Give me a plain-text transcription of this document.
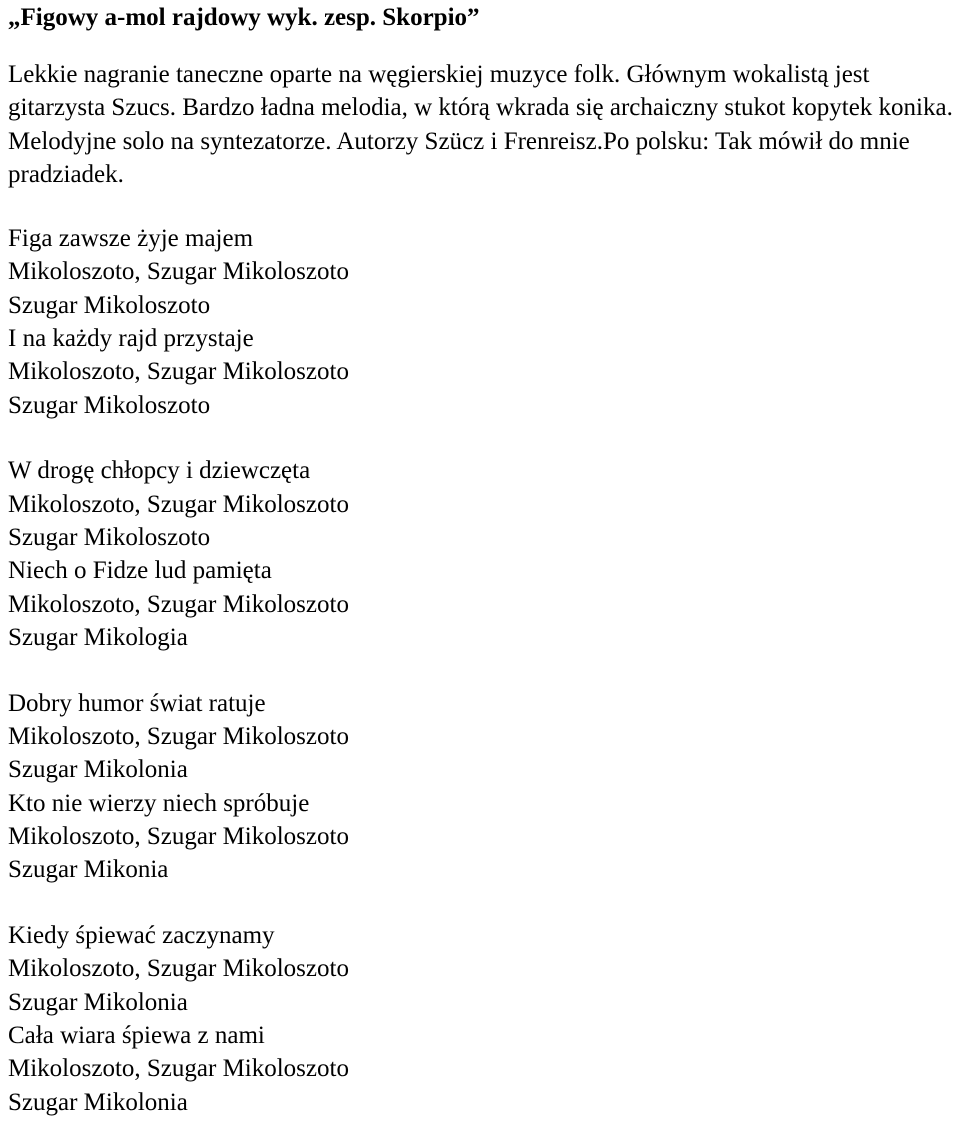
„Figowy a-mol rajdowy wyk. zesp. Skorpio”

Lekkie nagranie taneczne oparte na węgierskiej muzyce folk. Głównym wokalistą jest gitarzysta Szucs. Bardzo ładna melodia, w którą wkrada się archaiczny stukot kopytek konika. Melodyjne solo na syntezatorze. Autorzy Szücz i Frenreisz.Po polsku: Tak mówił do mnie pradziadek.

Figa zawsze żyje majem
Mikoloszoto, Szugar Mikoloszoto
Szugar Mikoloszoto
I na każdy rajd przystaje
Mikoloszoto, Szugar Mikoloszoto
Szugar Mikoloszoto
W drogę chłopcy i dziewczęta
Mikoloszoto, Szugar Mikoloszoto
Szugar Mikoloszoto
Niech o Fidze lud pamięta
Mikoloszoto, Szugar Mikoloszoto
Szugar Mikologia
Dobry humor świat ratuje
Mikoloszoto, Szugar Mikoloszoto
Szugar Mikolonia
Kto nie wierzy niech spróbuje
Mikoloszoto, Szugar Mikoloszoto
Szugar Mikonia
Kiedy śpiewać zaczynamy
Mikoloszoto, Szugar Mikoloszoto
Szugar Mikolonia
Cała wiara śpiewa z nami
Mikoloszoto, Szugar Mikoloszoto
Szugar Mikolonia
